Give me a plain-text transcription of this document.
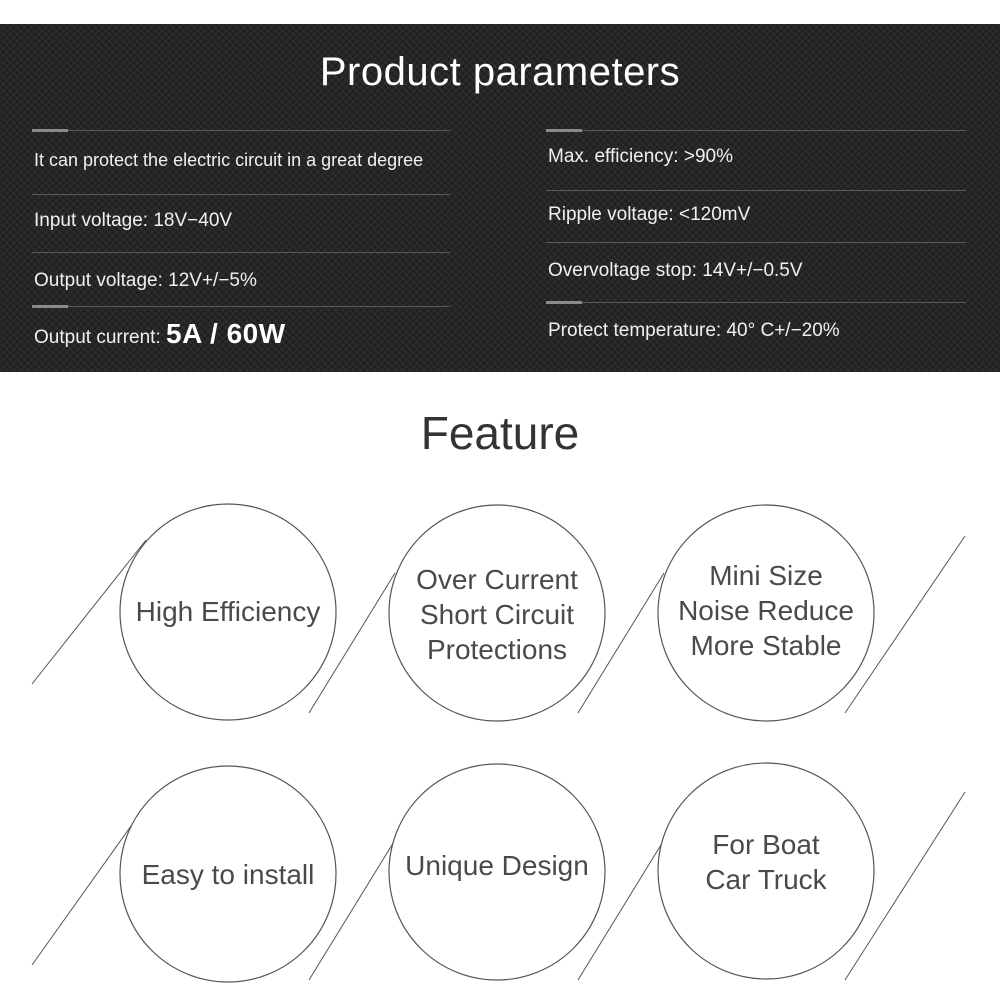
Product parameters
It can protect the electric circuit in a great degree
Input voltage: 18V−40V
Output voltage: 12V+/−5%
Output current: 5A / 60W
Max. efficiency: >90%
Ripple voltage: <120mV
Overvoltage stop: 14V+/−0.5V
Protect temperature: 40° C+/−20%
Feature
High Efficiency
Over Current
Short Circuit
Protections
Mini Size
Noise Reduce
More Stable
Easy to install	Unique Design
For Boat
Car Truck
